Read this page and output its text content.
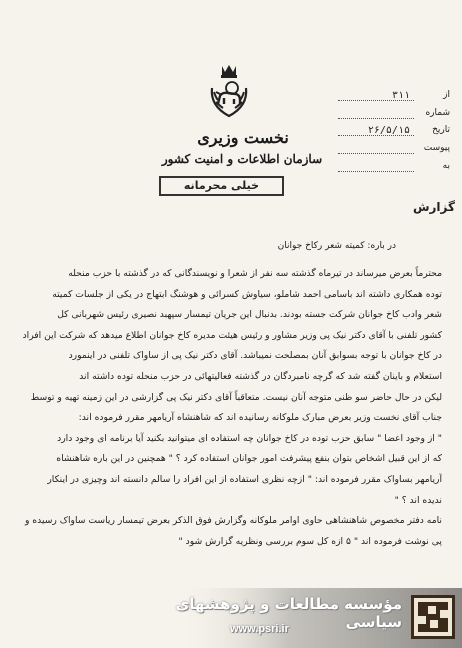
نخست وزیری
سازمان اطلاعات و امنیت کشور
خیلی محرمانه
از
۳۱۱
شماره
تاریخ
۲۶/۵/۱۵
پیوست
به
گزارش
در باره: کمیته شعر رکاخ جوانان
محترماً بعرض میرساند در تیرماه گذشته سه نفر از شعرا و نویسندگانی که در گذشته با حزب منحله
توده همکاری داشته اند باسامی احمد شاملو، سیاوش کسرائی و هوشنگ ابتهاج در یکی از جلسات کمیته
شعر وادب کاخ جوانان شرکت جسته بودند. بدنبال این جریان تیمسار سپهبد نصیری رئیس شهربانی کل
کشور تلفنی با آقای دکتر نیک پی وزیر مشاور و رئیس هیئت مدیره کاخ جوانان اطلاع میدهد که شرکت این افراد
در کاخ جوانان با توجه بسوابق آنان بمصلحت نمیباشد. آقای دکتر نیک پی از ساواک تلفنی در اینمورد
استعلام و باینان گفته شد که گرچه نامبردگان در گذشته فعالیتهائی در حزب منحله توده داشته اند
لیکن در حال حاضر سو ظنی متوجه آنان نیست. متعاقباً آقای دکتر نیک پی گزارشی در این زمینه تهیه و توسط
جناب آقای نخست وزیر بعرض مبارک ملوکانه رسانیده اند که شاهنشاه آریامهر مقرر فرموده اند:
" از وجود اعضا " سابق حزب توده در کاخ جوانان چه استفاده ای میتوانید بکنید آیا برنامه ای وجود دارد
که از این قبیل اشخاص بتوان بنفع پیشرفت امور جوانان استفاده کرد ؟ " همچنین در این باره شاهنشاه
آریامهر بساواک مقرر فرموده اند: " ازچه نظری استفاده از این افراد را سالم دانسته اند وچیزی در اینکار
ندیده اند ؟ "
نامه دفتر مخصوص شاهنشاهی حاوی اوامر ملوکانه وگزارش فوق الذکر بعرض تیمسار ریاست ساواک رسیده و
پی نوشت فرموده اند " ۵ ازه کل سوم بررسی ونظریه گزارش شود "
مؤسسه مطالعات و پژوهشهای سیاسی
www.psri.ir
